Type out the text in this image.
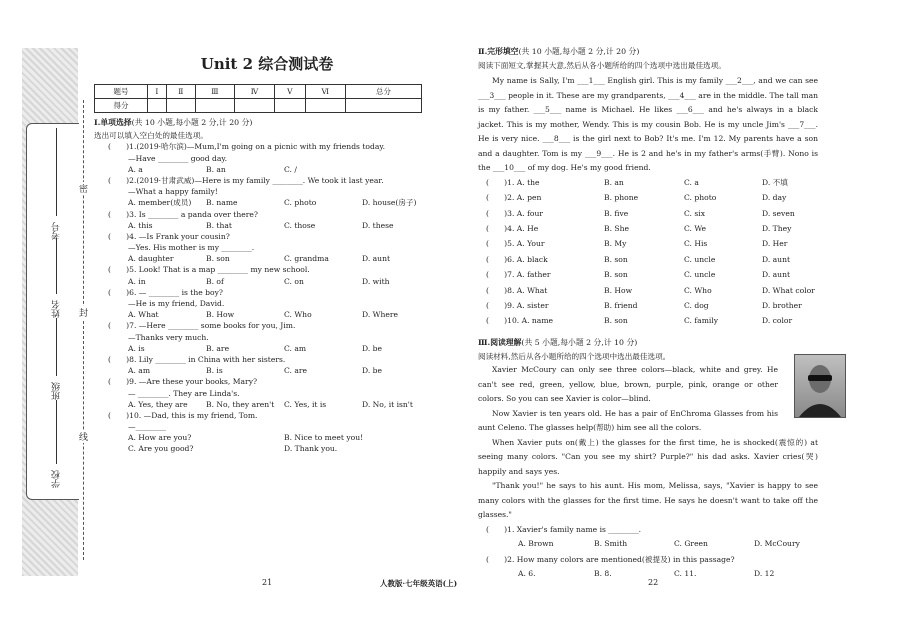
考号
姓名
班级
学校
密
封
线
Unit 2 综合测试卷
题号	Ⅰ	Ⅱ	Ⅲ	Ⅳ	Ⅴ	Ⅵ	总分
得分							
Ⅰ.单项选择(共 10 小题,每小题 2 分,计 20 分)
选出可以填入空白处的最佳选项。
(　　)1.(2019·哈尔滨)—Mum,I'm going on a picnic with my friends today.
—Have ________ good day.
A. a	B. an	C. /
(　　)2.(2019·甘肃武威)—Here is my family ________. We took it last year.
—What a happy family!
A. member(成员) B. name	C. photo	D. house(房子)
(　　)3. Is ________ a panda over there?
A. this	B. that	C. those	D. these
(　　)4. —Is Frank your cousin?
—Yes. His mother is my ________.
A. daughter	B. son	C. grandma	D. aunt
(　　)5. Look! That is a map ________ my new school.
A. in	B. of	C. on	D. with
(　　)6. — ________ is the boy?
—He is my friend, David.
A. What	B. How	C. Who	D. Where
(　　)7. —Here ________ some books for you, Jim.
—Thanks very much.
A. is	B. are	C. am	D. be
(　　)8. Lily ________ in China with her sisters.
A. am	B. is	C. are	D. be
(　　)9. —Are these your books, Mary?
— ________. They are Linda's.
A. Yes, they are B. No, they aren't C. Yes, it is	D. No, it isn't
(　　)10. —Dad, this is my friend, Tom.
—________
A. How are you?	B. Nice to meet you!
C. Are you good?	D. Thank you.
Ⅱ.完形填空(共 10 小题,每小题 2 分,计 20 分)
阅读下面短文,掌握其大意,然后从各小题所给的四个选项中选出最佳选项。
My name is Sally, I'm ___1___ English girl. This is my family ___2___, and we can see ___3___ people in it. These are my grandparents, ___4___ are in the middle. The tall man is my father. ___5___ name is Michael. He likes ___6___ and he's always in a black jacket. This is my mother, Wendy. This is my cousin Bob. He is my uncle Jim's ___7___. He is very nice. ___8___ is the girl next to Bob? It's me. I'm 12. My parents have a son and a daughter. Tom is my ___9___. He is 2 and he's in my father's arms(手臂). Nono is the ___10___ of my dog. He's my good friend.
(　　)1. A. the	B. an	C. a	D. 不填
(　　)2. A. pen	B. phone	C. photo	D. day
(　　)3. A. four	B. five	C. six	D. seven
(　　)4. A. He	B. She	C. We	D. They
(　　)5. A. Your	B. My	C. His	D. Her
(　　)6. A. black	B. son	C. uncle	D. aunt
(　　)7. A. father	B. son	C. uncle	D. aunt
(　　)8. A. What	B. How	C. Who	D. What color
(　　)9. A. sister	B. friend	C. dog	D. brother
(　　)10. A. name	B. son	C. family	D. color
Ⅲ.阅读理解(共 5 小题,每小题 2 分,计 10 分)
阅读材料,然后从各小题所给的四个选项中选出最佳选项。
Xavier McCoury can only see three colors—black, white and grey. He can't see red, green, yellow, blue, brown, purple, pink, orange or other colors. So you can see Xavier is color—blind.
Now Xavier is ten years old. He has a pair of EnChroma Glasses from his aunt Celeno. The glasses help(帮助) him see all the colors.
When Xavier puts on(戴上) the glasses for the first time, he is shocked(震惊的) at seeing many colors. "Can you see my shirt? Purple?" his dad asks. Xavier cries(哭) happily and says yes.
"Thank you!" he says to his aunt. His mom, Melissa, says, "Xavier is happy to see many colors with the glasses for the first time. He says he doesn't want to take off the glasses."
(　　)1. Xavier's family name is ________.
A. Brown	B. Smith	C. Green	D. McCoury
(　　)2. How many colors are mentioned(被提及) in this passage?
A. 6.	B. 8.	C. 11.	D. 12
21	人教版·七年级英语(上)	22
